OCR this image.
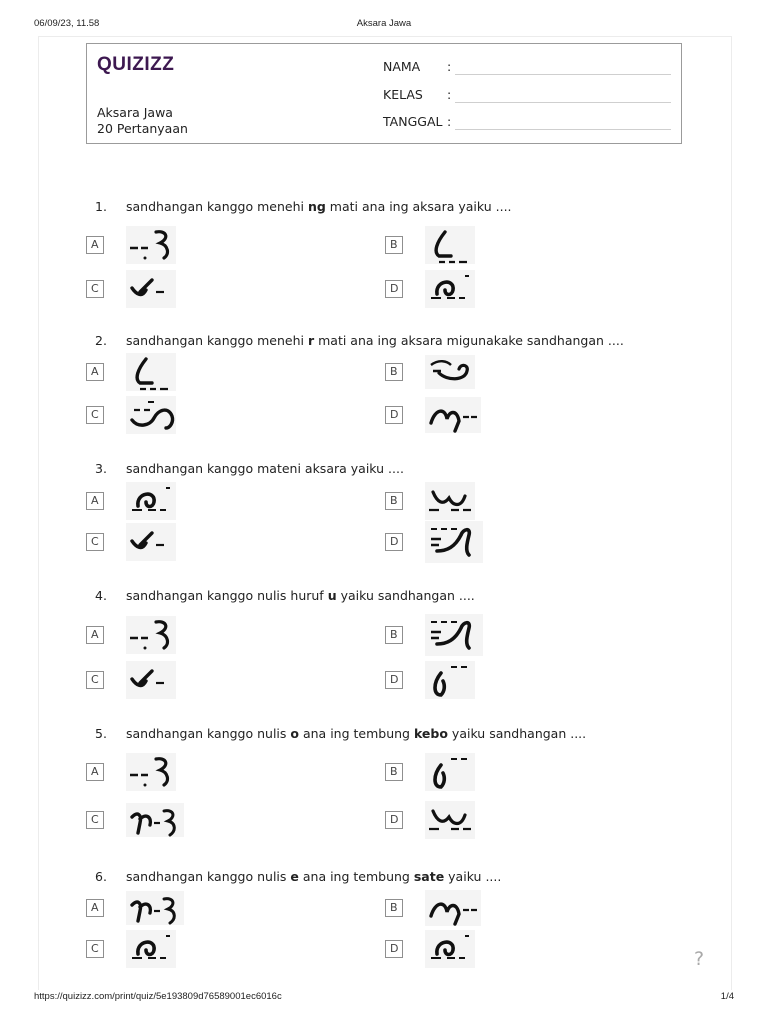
06/09/23, 11.58	Aksara Jawa
QUIZIZZ
Aksara Jawa
20 Pertanyaan
NAMA :
KELAS :
TANGGAL :
1. sandhangan kanggo menehi ng mati ana ing aksara yaiku ....
2. sandhangan kanggo menehi r mati ana ing aksara migunakake sandhangan ....
3. sandhangan kanggo mateni aksara yaiku ....
4. sandhangan kanggo nulis huruf u yaiku sandhangan ....
5. sandhangan kanggo nulis o ana ing tembung kebo yaiku sandhangan ....
6. sandhangan kanggo nulis e ana ing tembung sate yaiku ....
A	B
C	D
A	B
C	D
A	B
C	D
A	B
C	D
A	B
C	D
A	B
C	D	?
https://quizizz.com/print/quiz/5e193809d76589001ec6016c	1/4
